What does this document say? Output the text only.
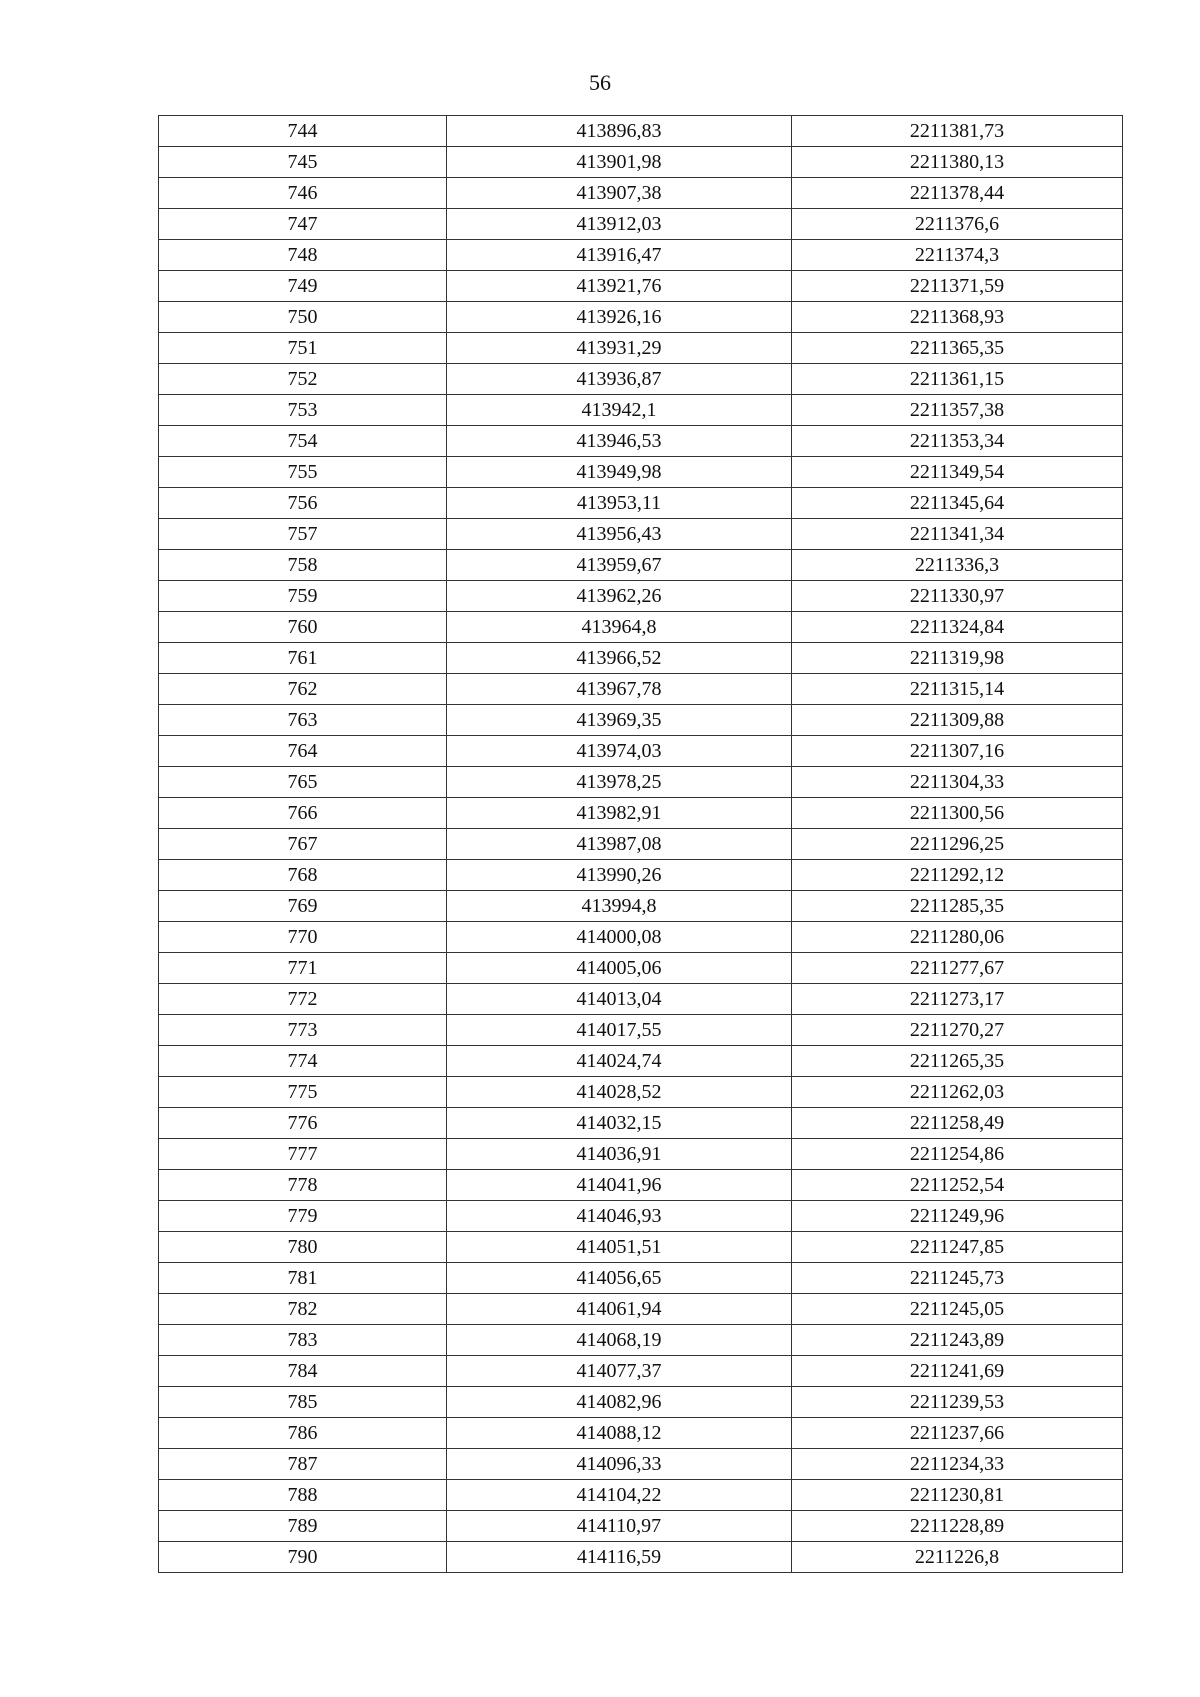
56
744	413896,83	2211381,73
745	413901,98	2211380,13
746	413907,38	2211378,44
747	413912,03	2211376,6
748	413916,47	2211374,3
749	413921,76	2211371,59
750	413926,16	2211368,93
751	413931,29	2211365,35
752	413936,87	2211361,15
753	413942,1	2211357,38
754	413946,53	2211353,34
755	413949,98	2211349,54
756	413953,11	2211345,64
757	413956,43	2211341,34
758	413959,67	2211336,3
759	413962,26	2211330,97
760	413964,8	2211324,84
761	413966,52	2211319,98
762	413967,78	2211315,14
763	413969,35	2211309,88
764	413974,03	2211307,16
765	413978,25	2211304,33
766	413982,91	2211300,56
767	413987,08	2211296,25
768	413990,26	2211292,12
769	413994,8	2211285,35
770	414000,08	2211280,06
771	414005,06	2211277,67
772	414013,04	2211273,17
773	414017,55	2211270,27
774	414024,74	2211265,35
775	414028,52	2211262,03
776	414032,15	2211258,49
777	414036,91	2211254,86
778	414041,96	2211252,54
779	414046,93	2211249,96
780	414051,51	2211247,85
781	414056,65	2211245,73
782	414061,94	2211245,05
783	414068,19	2211243,89
784	414077,37	2211241,69
785	414082,96	2211239,53
786	414088,12	2211237,66
787	414096,33	2211234,33
788	414104,22	2211230,81
789	414110,97	2211228,89
790	414116,59	2211226,8
